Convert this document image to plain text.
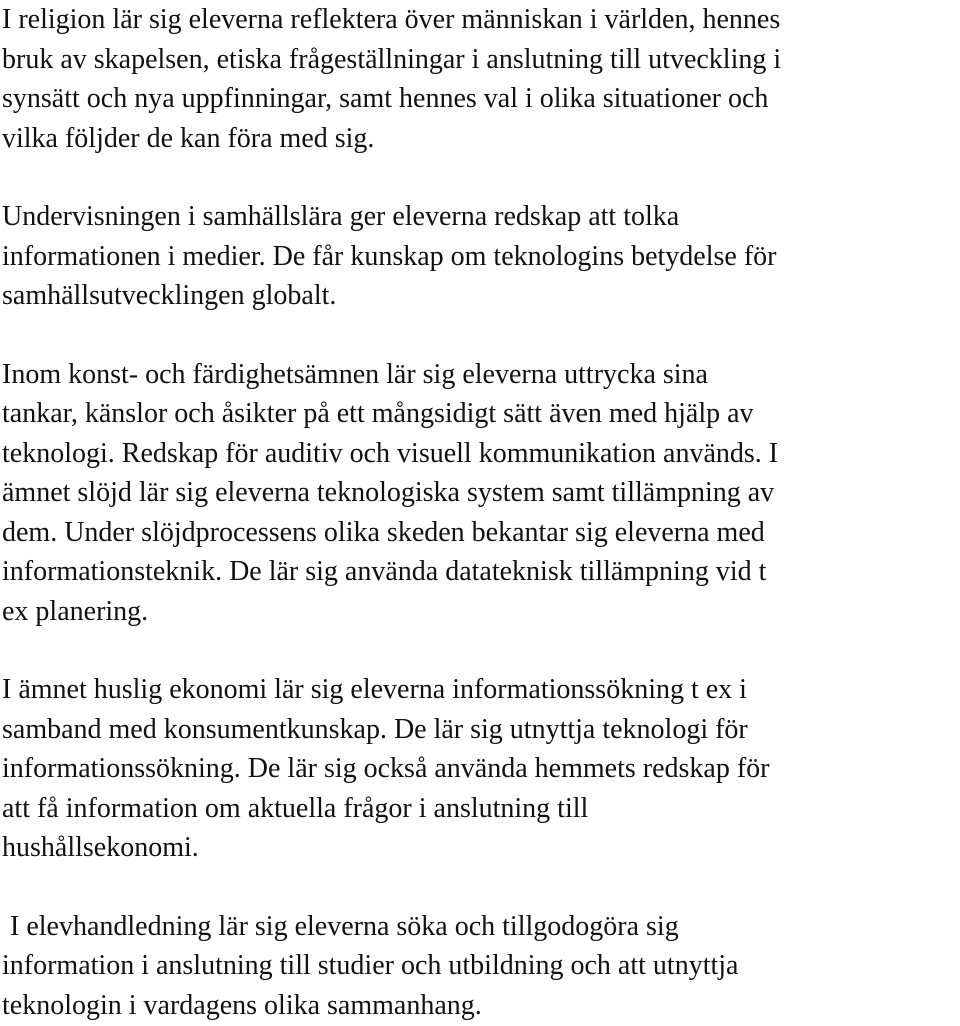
I religion lär sig eleverna reflektera över människan i världen, hennes
bruk av skapelsen, etiska frågeställningar i anslutning till utveckling i
synsätt och nya uppfinningar, samt hennes val i olika situationer och
vilka följder de kan föra med sig.

Undervisningen i samhällslära ger eleverna redskap att tolka
informationen i medier. De får kunskap om teknologins betydelse för
samhällsutvecklingen globalt.

Inom konst- och färdighetsämnen lär sig eleverna uttrycka sina
tankar, känslor och åsikter på ett mångsidigt sätt även med hjälp av
teknologi. Redskap för auditiv och visuell kommunikation används. I
ämnet slöjd lär sig eleverna teknologiska system samt tillämpning av
dem. Under slöjdprocessens olika skeden bekantar sig eleverna med
informationsteknik. De lär sig använda datateknisk tillämpning vid t
ex planering.

I ämnet huslig ekonomi lär sig eleverna informationssökning t ex i
samband med konsumentkunskap. De lär sig utnyttja teknologi för
informationssökning. De lär sig också använda hemmets redskap för
att få information om aktuella frågor i anslutning till
hushållsekonomi.

I elevhandledning lär sig eleverna söka och tillgodogöra sig
information i anslutning till studier och utbildning och att utnyttja
teknologin i vardagens olika sammanhang.
